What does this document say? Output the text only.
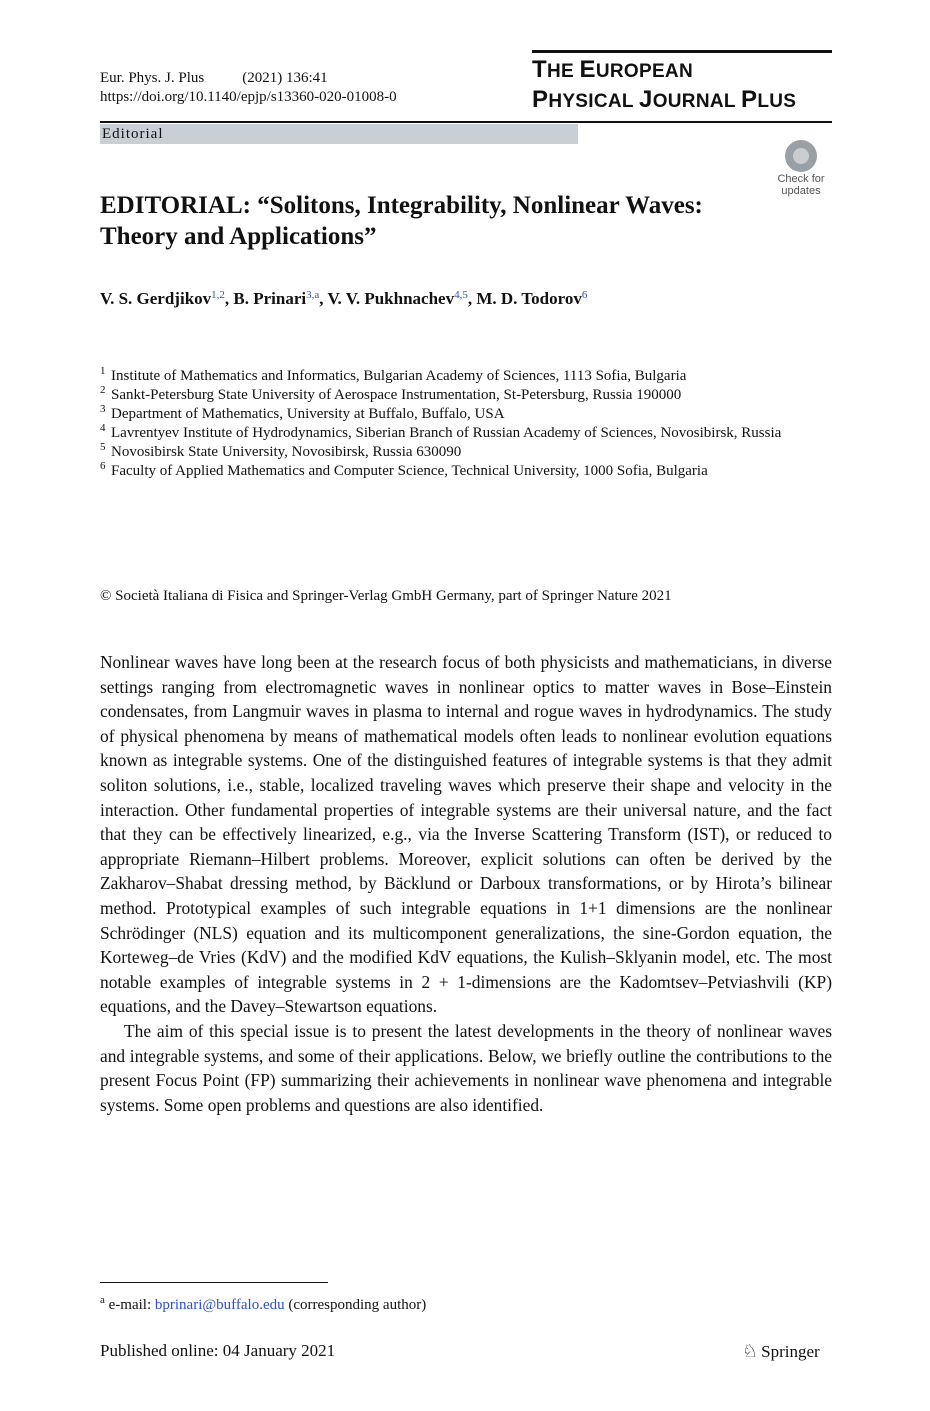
Eur. Phys. J. Plus	(2021) 136:41
https://doi.org/10.1140/epjp/s13360-020-01008-0
THE EUROPEAN
PHYSICAL JOURNAL PLUS
Editorial
Check for
updates
EDITORIAL: “Solitons, Integrability, Nonlinear Waves:
Theory and Applications”
V. S. Gerdjikov$^{1,2}$, B. Prinari$^{3,a}$, V. V. Pukhnachev$^{4,5}$, M. D. Todorov$^6$
1 Institute of Mathematics and Informatics, Bulgarian Academy of Sciences, 1113 Sofia, Bulgaria
2 Sankt-Petersburg State University of Aerospace Instrumentation, St-Petersburg, Russia 190000
3 Department of Mathematics, University at Buffalo, Buffalo, USA
4 Lavrentyev Institute of Hydrodynamics, Siberian Branch of Russian Academy of Sciences, Novosibirsk, Russia
5 Novosibirsk State University, Novosibirsk, Russia 630090
6 Faculty of Applied Mathematics and Computer Science, Technical University, 1000 Sofia, Bulgaria
© Società Italiana di Fisica and Springer-Verlag GmbH Germany, part of Springer Nature 2021

Nonlinear waves have long been at the research focus of both physicists and mathematicians, in diverse settings ranging from electromagnetic waves in nonlinear optics to matter waves in Bose–Einstein condensates, from Langmuir waves in plasma to internal and rogue waves in hydrodynamics. The study of physical phenomena by means of mathematical models often leads to nonlinear evolution equations known as integrable systems. One of the distinguished features of integrable systems is that they admit soliton solutions, i.e., stable, localized traveling waves which preserve their shape and velocity in the interaction. Other fundamental properties of integrable systems are their universal nature, and the fact that they can be effectively linearized, e.g., via the Inverse Scattering Transform (IST), or reduced to appropriate Riemann–Hilbert problems. Moreover, explicit solutions can often be derived by the Zakharov–Shabat dressing method, by Bäcklund or Darboux transformations, or by Hirota’s bilinear method. Prototypical examples of such integrable equations in 1+1 dimensions are the nonlinear Schrödinger (NLS) equation and its multicomponent generalizations, the sine-Gordon equation, the Korteweg–de Vries (KdV) and the modified KdV equations, the Kulish–Sklyanin model, etc. The most notable examples of integrable systems in 2 + 1-dimensions are the Kadomtsev–Petviashvili (KP) equations, and the Davey–Stewartson equations.

The aim of this special issue is to present the latest developments in the theory of nonlinear waves and integrable systems, and some of their applications. Below, we briefly outline the contributions to the present Focus Point (FP) summarizing their achievements in nonlinear wave phenomena and integrable systems. Some open problems and questions are also identified.

$^a$ e-mail: bprinari@buffalo.edu (corresponding author)
Published online: 04 January 2021	♘ Springer
